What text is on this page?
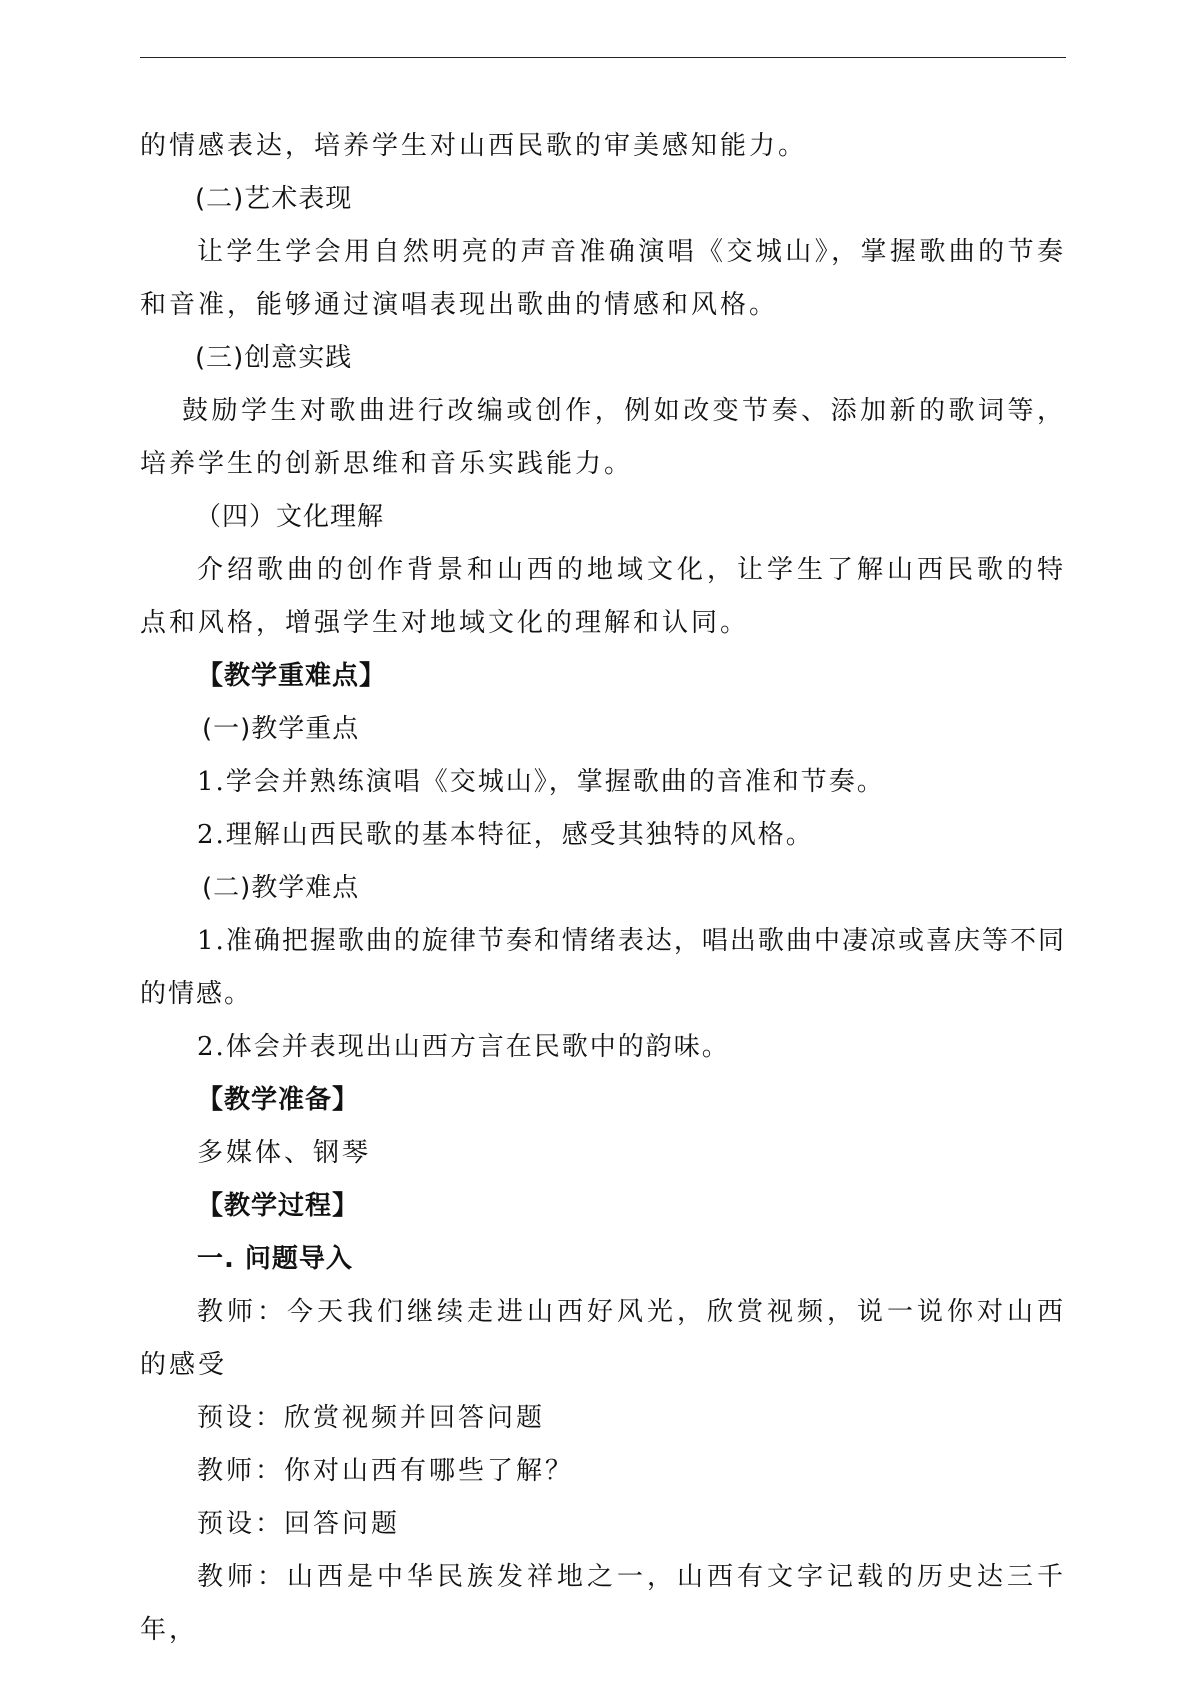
的情感表达，培养学生对山西民歌的审美感知能力。

(二)艺术表现

让学生学会用自然明亮的声音准确演唱《交城山》，掌握歌曲的节奏和音准，能够通过演唱表现出歌曲的情感和风格。

(三)创意实践

鼓励学生对歌曲进行改编或创作，例如改变节奏、添加新的歌词等，培养学生的创新思维和音乐实践能力。

（四）文化理解

介绍歌曲的创作背景和山西的地域文化，让学生了解山西民歌的特点和风格，增强学生对地域文化的理解和认同。

【教学重难点】

(一)教学重点

1.学会并熟练演唱《交城山》，掌握歌曲的音准和节奏。

2.理解山西民歌的基本特征，感受其独特的风格。

(二)教学难点

1.准确把握歌曲的旋律节奏和情绪表达，唱出歌曲中凄凉或喜庆等不同的情感。

2.体会并表现出山西方言在民歌中的韵味。

【教学准备】

多媒体、钢琴

【教学过程】

一. 问题导入

教师：今天我们继续走进山西好风光，欣赏视频，说一说你对山西的感受

预设：欣赏视频并回答问题

教师：你对山西有哪些了解？

预设：回答问题

教师：山西是中华民族发祥地之一，山西有文字记载的历史达三千年，
